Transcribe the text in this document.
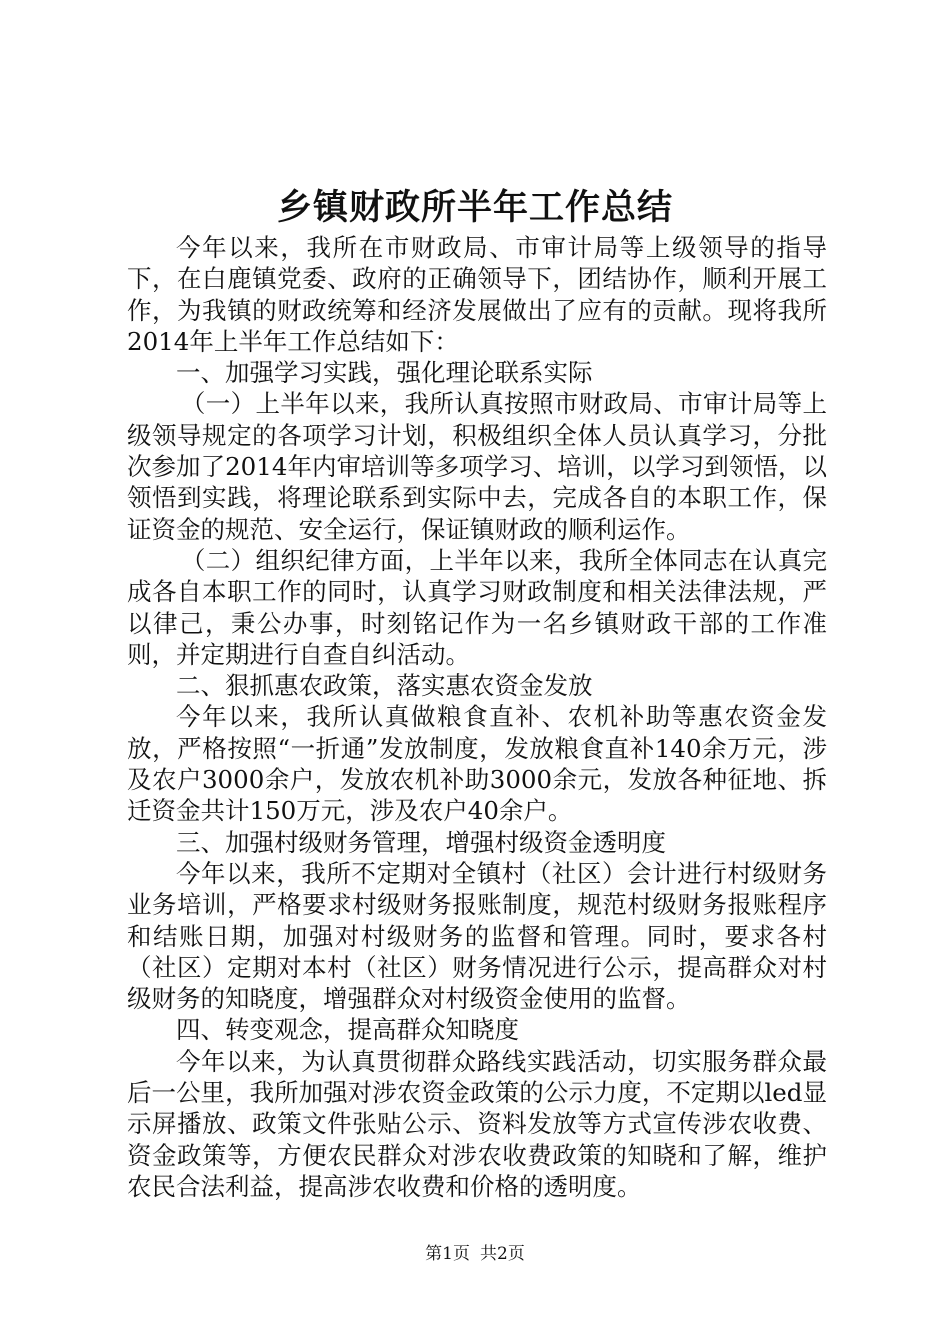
乡镇财政所半年工作总结

今年以来，我所在市财政局、市审计局等上级领导的指导下，在白鹿镇党委、政府的正确领导下，团结协作，顺利开展工作，为我镇的财政统筹和经济发展做出了应有的贡献。现将我所2014年上半年工作总结如下：

一、加强学习实践，强化理论联系实际

（一）上半年以来，我所认真按照市财政局、市审计局等上级领导规定的各项学习计划，积极组织全体人员认真学习，分批次参加了2014年内审培训等多项学习、培训，以学习到领悟，以领悟到实践，将理论联系到实际中去，完成各自的本职工作，保证资金的规范、安全运行，保证镇财政的顺利运作。

（二）组织纪律方面，上半年以来，我所全体同志在认真完成各自本职工作的同时，认真学习财政制度和相关法律法规，严以律己，秉公办事，时刻铭记作为一名乡镇财政干部的工作准则，并定期进行自查自纠活动。

二、狠抓惠农政策，落实惠农资金发放

今年以来，我所认真做粮食直补、农机补助等惠农资金发放，严格按照“一折通”发放制度，发放粮食直补140余万元，涉及农户3000余户，发放农机补助3000余元，发放各种征地、拆迁资金共计150万元，涉及农户40余户。

三、加强村级财务管理，增强村级资金透明度

今年以来，我所不定期对全镇村（社区）会计进行村级财务业务培训，严格要求村级财务报账制度，规范村级财务报账程序和结账日期，加强对村级财务的监督和管理。同时，要求各村（社区）定期对本村（社区）财务情况进行公示，提高群众对村级财务的知晓度，增强群众对村级资金使用的监督。

四、转变观念，提高群众知晓度

今年以来，为认真贯彻群众路线实践活动，切实服务群众最后一公里，我所加强对涉农资金政策的公示力度，不定期以led显示屏播放、政策文件张贴公示、资料发放等方式宣传涉农收费、资金政策等，方便农民群众对涉农收费政策的知晓和了解，维护农民合法利益，提高涉农收费和价格的透明度。

第1页 共2页
